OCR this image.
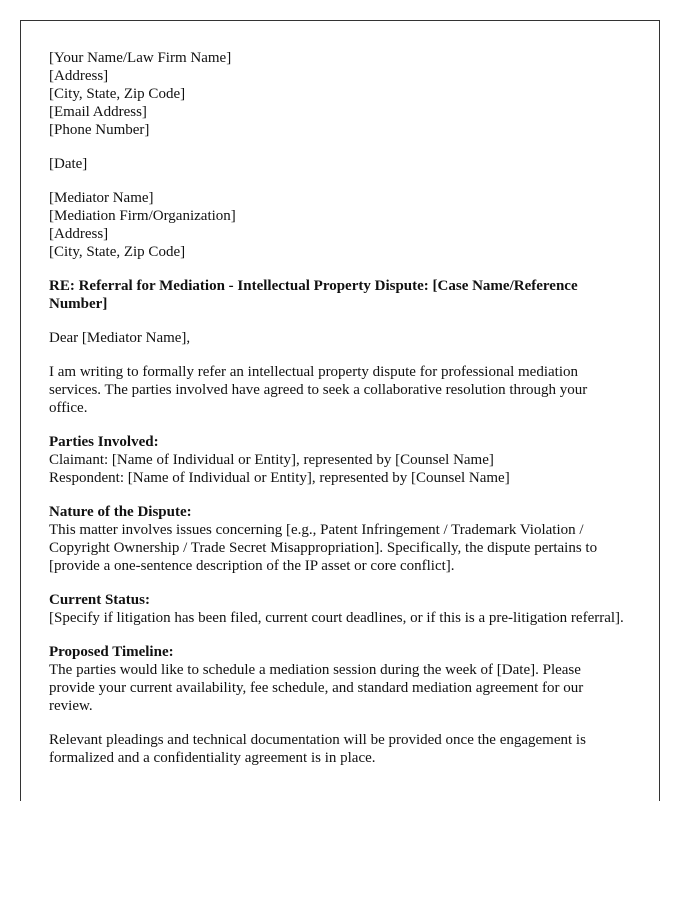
[Your Name/Law Firm Name]
[Address]
[City, State, Zip Code]
[Email Address]
[Phone Number]
[Date]
[Mediator Name]
[Mediation Firm/Organization]
[Address]
[City, State, Zip Code]

RE: Referral for Mediation - Intellectual Property Dispute: [Case Name/Reference Number]

Dear [Mediator Name],

I am writing to formally refer an intellectual property dispute for professional mediation services. The parties involved have agreed to seek a collaborative resolution through your office.

Parties Involved:
Claimant: [Name of Individual or Entity], represented by [Counsel Name]
Respondent: [Name of Individual or Entity], represented by [Counsel Name]
Nature of the Dispute:

This matter involves issues concerning [e.g., Patent Infringement / Trademark Violation / Copyright Ownership / Trade Secret Misappropriation]. Specifically, the dispute pertains to [provide a one-sentence description of the IP asset or core conflict].

Current Status:

[Specify if litigation has been filed, current court deadlines, or if this is a pre-litigation referral].

Proposed Timeline:

The parties would like to schedule a mediation session during the week of [Date]. Please provide your current availability, fee schedule, and standard mediation agreement for our review.

Relevant pleadings and technical documentation will be provided once the engagement is formalized and a confidentiality agreement is in place.
